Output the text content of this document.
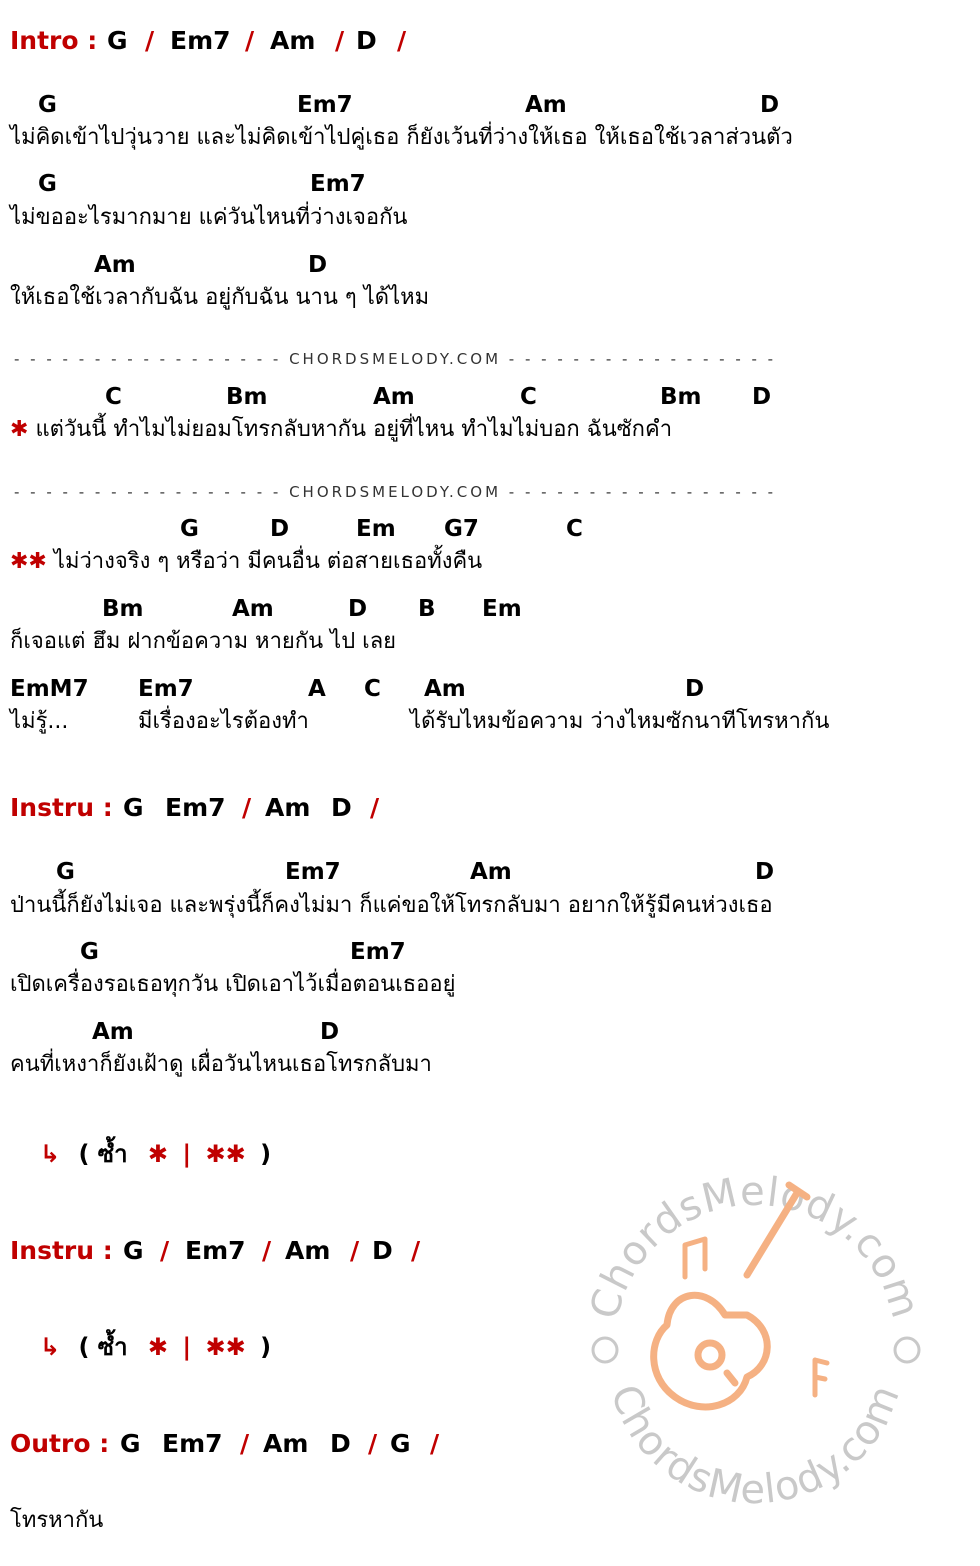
Intro : G / Em7 / Am / D /
G	Em7	Am	D
ไม่คิดเข้าไปวุ่นวาย และไม่คิดเข้าไปคู่เธอ ก็ยังเว้นที่ว่างให้เธอ ให้เธอใช้เวลาส่วนตัว
G	Em7
ไม่ขออะไรมากมาย แค่วันไหนที่ว่างเจอกัน
Am	D
ให้เธอใช้เวลากับฉัน อยู่กับฉัน นาน ๆ ได้ไหม
- - - - - - - - - - - - - - - - - CHORDSMELODY.COM - - - - - - - - - - - - - - - - -
C	Bm	Am	C	Bm D
✱ แต่วันนี้ ทำไมไม่ยอมโทรกลับหากัน อยู่ที่ไหน ทำไมไม่บอก ฉันซักคำ
- - - - - - - - - - - - - - - - - CHORDSMELODY.COM - - - - - - - - - - - - - - - - -
G	D	Em G7	C
✱✱ ไม่ว่างจริง ๆ หรือว่า มีคนอื่น ต่อสายเธอทั้งคืน
Bm	Am	D B Em
ก็เจอแต่ ฮึม ฝากข้อความ หายกัน ไป เลย
EmM7 Em7	A C Am	D
ไม่รู้...	มีเรื่องอะไรต้องทำ	ได้รับไหมข้อความ ว่างไหมซักนาทีโทรหากัน
Instru : G Em7 / Am D /
G	Em7	Am	D
ป่านนี้ก็ยังไม่เจอ และพรุ่งนี้ก็คงไม่มา ก็แค่ขอให้โทรกลับมา อยากให้รู้มีคนห่วงเธอ
G	Em7
เปิดเครื่องรอเธอทุกวัน เปิดเอาไว้เมื่อตอนเธออยู่
Am	D
คนที่เหงาก็ยังเฝ้าดู เผื่อวันไหนเธอโทรกลับมา
↳ ( ซ้ำ ✱ | ✱✱ )
Instru : G / Em7 / Am / D /
↳ ( ซ้ำ ✱ | ✱✱ )
Outro : G Em7 / Am D / G /
โทรหากัน
ChordsMelody.com
ChordsMelody.com
